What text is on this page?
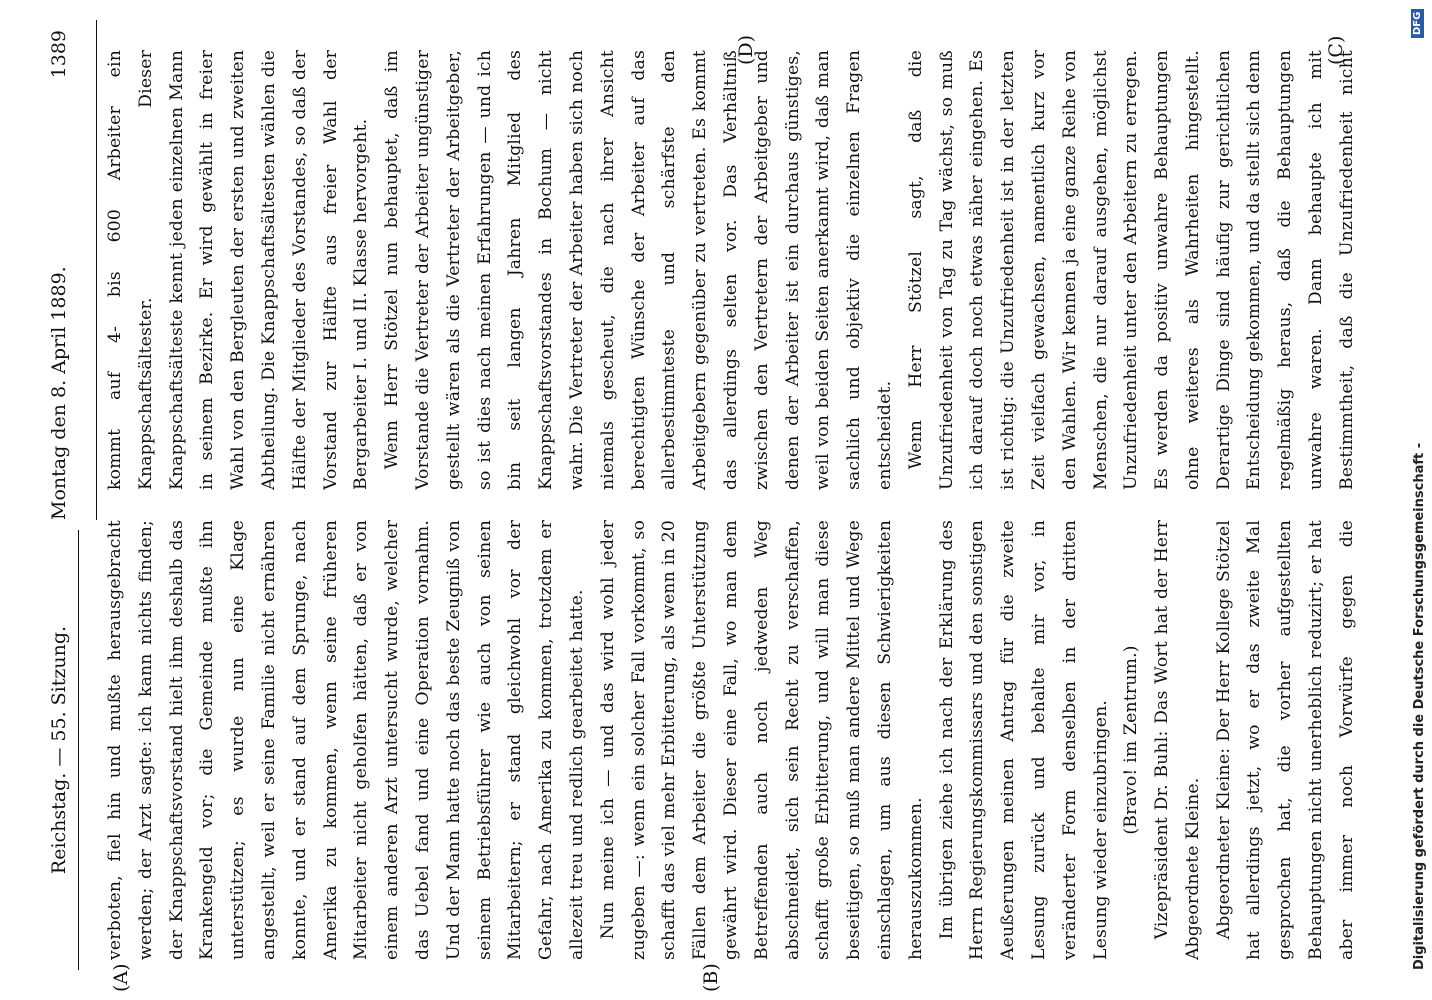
Reichstag. — 55. Sitzung.
Montag den 8. April 1889.
1389
(A)	(B)
(C)
(D)

verboten, fiel hin und mußte herausgebracht werden; der Arzt sagte: ich kann nichts finden; der Knappschaftsvorstand hielt ihm deshalb das Krankengeld vor; die Gemeinde mußte ihn unterstützen; es wurde nun eine Klage angestellt, weil er seine Familie nicht ernähren konnte, und er stand auf dem Sprunge, nach Amerika zu kommen, wenn seine früheren Mitarbeiter nicht geholfen hätten, daß er von einem anderen Arzt untersucht wurde, welcher das Uebel fand und eine Operation vornahm. Und der Mann hatte noch das beste Zeugniß von seinem Betriebsführer wie auch von seinen Mitarbeitern; er stand gleichwohl vor der Gefahr, nach Amerika zu kommen, trotzdem er allezeit treu und redlich gearbeitet hatte. Nun meine ich — und das wird wohl jeder zugeben —: wenn ein solcher Fall vorkommt, so schafft das viel mehr Erbitterung, als wenn in 20 Fällen dem Arbeiter die größte Unterstützung gewährt wird. Dieser eine Fall, wo man dem Betreffenden auch noch jedweden Weg abschneidet, sich sein Recht zu verschaffen, schafft große Erbitterung, und will man diese beseitigen, so muß man andere Mittel und Wege einschlagen, um aus diesen Schwierigkeiten herauszukommen. Im übrigen ziehe ich nach der Erklärung des Herrn Regierungskommissars und den sonstigen Aeußerungen meinen Antrag für die zweite Lesung zurück und behalte mir vor, in veränderter Form denselben in der dritten Lesung wieder einzubringen. (Bravo! im Zentrum.) Vizepräsident Dr. Buhl: Das Wort hat der Herr Abgeordnete Kleine. Abgeordneter Kleine: Der Herr Kollege Stötzel hat allerdings jetzt, wo er das zweite Mal gesprochen hat, die vorher aufgestellten Behauptungen nicht unerheblich reduzirt; er hat aber immer noch Vorwürfe gegen die

kommt auf 4- bis 600 Arbeiter ein Knappschaftsältester. Dieser Knappschaftsälteste kennt jeden einzelnen Mann in seinem Bezirke. Er wird gewählt in freier Wahl von den Bergleuten der ersten und zweiten Abtheilung. Die Knappschaftsältesten wählen die Hälfte der Mitglieder des Vorstandes, so daß der Vorstand zur Hälfte aus freier Wahl der Bergarbeiter I. und II. Klasse hervorgeht. Wenn Herr Stötzel nun behauptet, daß im Vorstande die Vertreter der Arbeiter ungünstiger gestellt wären als die Vertreter der Arbeitgeber, so ist dies nach meinen Erfahrungen — und ich bin seit langen Jahren Mitglied des Knappschaftsvorstandes in Bochum — nicht wahr. Die Vertreter der Arbeiter haben sich noch niemals gescheut, die nach ihrer Ansicht berechtigten Wünsche der Arbeiter auf das allerbestimmteste und schärfste den Arbeitgebern gegenüber zu vertreten. Es kommt das allerdings selten vor. Das Verhältniß zwischen den Vertretern der Arbeitgeber und denen der Arbeiter ist ein durchaus günstiges, weil von beiden Seiten anerkannt wird, daß man sachlich und objektiv die einzelnen Fragen entscheidet. Wenn Herr Stötzel sagt, daß die Unzufriedenheit von Tag zu Tag wächst, so muß ich darauf doch noch etwas näher eingehen. Es ist richtig: die Unzufriedenheit ist in der letzten Zeit vielfach gewachsen, namentlich kurz vor den Wahlen. Wir kennen ja eine ganze Reihe von Menschen, die nur darauf ausgehen, möglichst Unzufriedenheit unter den Arbeitern zu erregen. Es werden da positiv unwahre Behauptungen ohne weiteres als Wahrheiten hingestellt. Derartige Dinge sind häufig zur gerichtlichen Entscheidung gekommen, und da stellt sich denn regelmäßig heraus, daß die Behauptungen unwahre waren. Dann behaupte ich mit Bestimmtheit, daß die Unzufriedenheit nicht

Digitalisierung gefördert durch die Deutsche Forschungsgemeinschaft -
DFG
